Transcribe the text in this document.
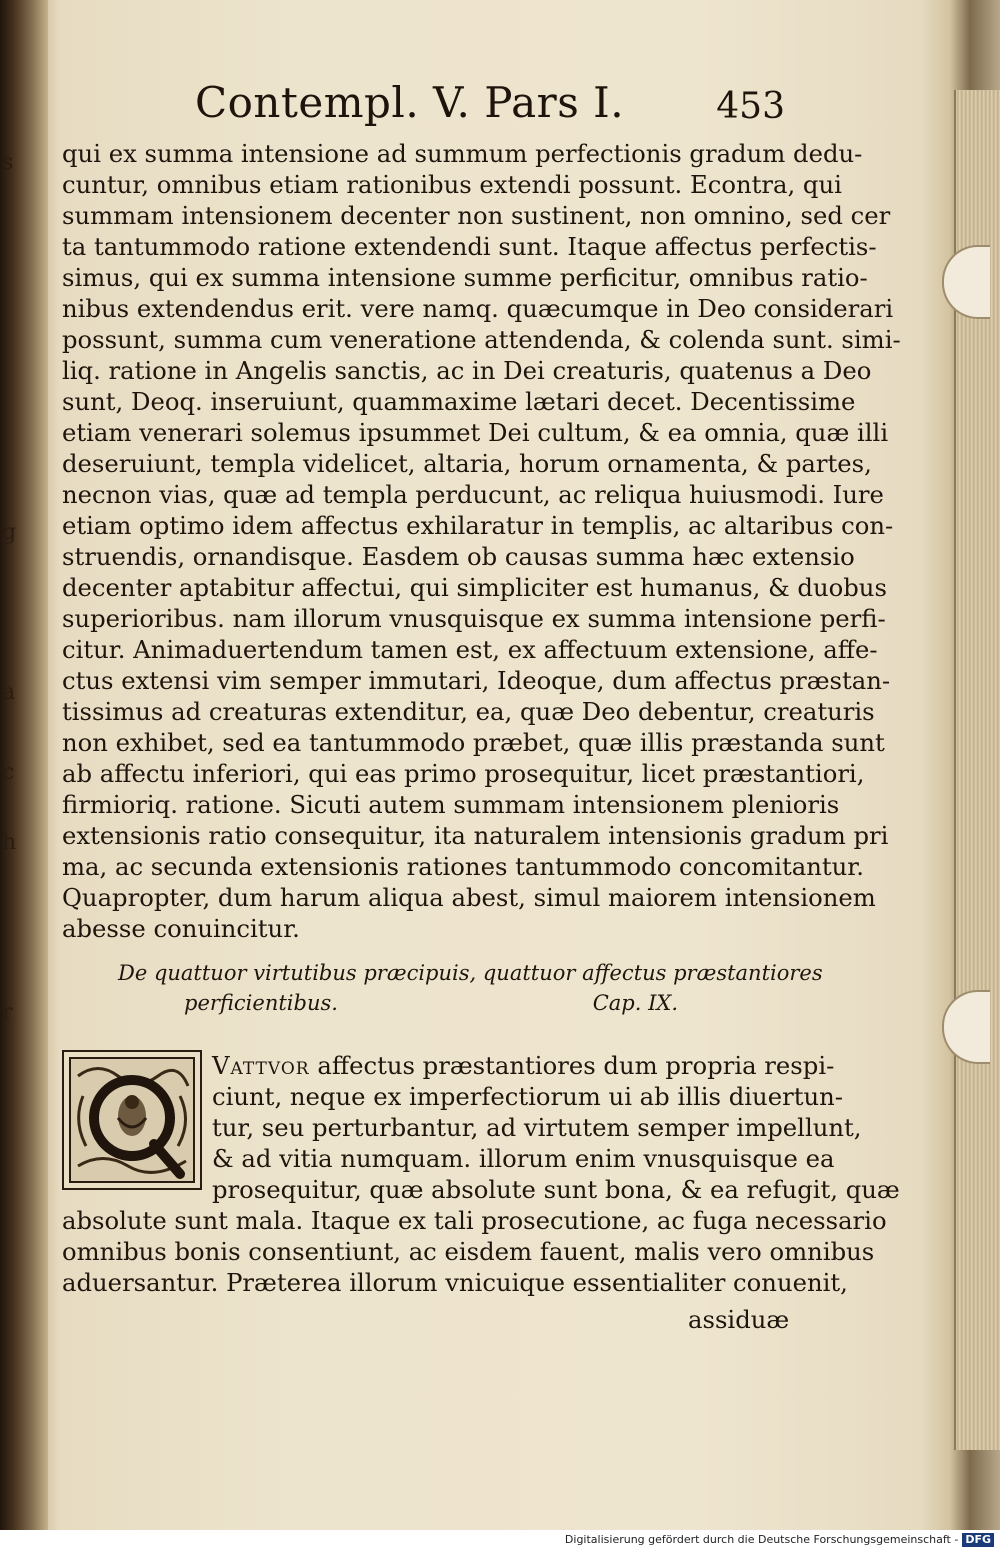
s
g
a
c
h
r
Contempl. V. Pars I.	453
qui ex summa intensione ad summum perfectionis gradum dedu-
cuntur, omnibus etiam rationibus extendi possunt. Econtra, qui
summam intensionem decenter non sustinent, non omnino, sed cer
ta tantummodo ratione extendendi sunt. Itaque affectus perfectis-
simus, qui ex summa intensione summe perficitur, omnibus ratio-
nibus extendendus erit. vere namq. quæcumque in Deo considerari
possunt, summa cum veneratione attendenda, & colenda sunt. simi-
liq. ratione in Angelis sanctis, ac in Dei creaturis, quatenus a Deo
sunt, Deoq. inseruiunt, quammaxime lætari decet. Decentissime
etiam venerari solemus ipsummet Dei cultum, & ea omnia, quæ illi
deseruiunt, templa videlicet, altaria, horum ornamenta, & partes,
necnon vias, quæ ad templa perducunt, ac reliqua huiusmodi. Iure
etiam optimo idem affectus exhilaratur in templis, ac altaribus con-
struendis, ornandisque. Easdem ob causas summa hæc extensio
decenter aptabitur affectui, qui simpliciter est humanus, & duobus
superioribus. nam illorum vnusquisque ex summa intensione perfi-
citur. Animaduertendum tamen est, ex affectuum extensione, affe-
ctus extensi vim semper immutari, Ideoque, dum affectus præstan-
tissimus ad creaturas extenditur, ea, quæ Deo debentur, creaturis
non exhibet, sed ea tantummodo præbet, quæ illis præstanda sunt
ab affectu inferiori, qui eas primo prosequitur, licet præstantiori,
firmioriq. ratione. Sicuti autem summam intensionem plenioris
extensionis ratio consequitur, ita naturalem intensionis gradum pri
ma, ac secunda extensionis rationes tantummodo concomitantur.
Quapropter, dum harum aliqua abest, simul maiorem intensionem
abesse conuincitur.
De quattuor virtutibus præcipuis, quattuor affectus præstantiores
perficientibus.	Cap. IX.
Vattvor affectus præstantiores dum propria respi-
ciunt, neque ex imperfectiorum ui ab illis diuertun-
tur, seu perturbantur, ad virtutem semper impellunt,
& ad vitia numquam. illorum enim vnusquisque ea
prosequitur, quæ absolute sunt bona, & ea refugit, quæ
absolute sunt mala. Itaque ex tali prosecutione, ac fuga necessario
omnibus bonis consentiunt, ac eisdem fauent, malis vero omnibus
aduersantur. Præterea illorum vnicuique essentialiter conuenit,
assiduæ
Digitalisierung gefördert durch die Deutsche Forschungsgemeinschaft - DFG
